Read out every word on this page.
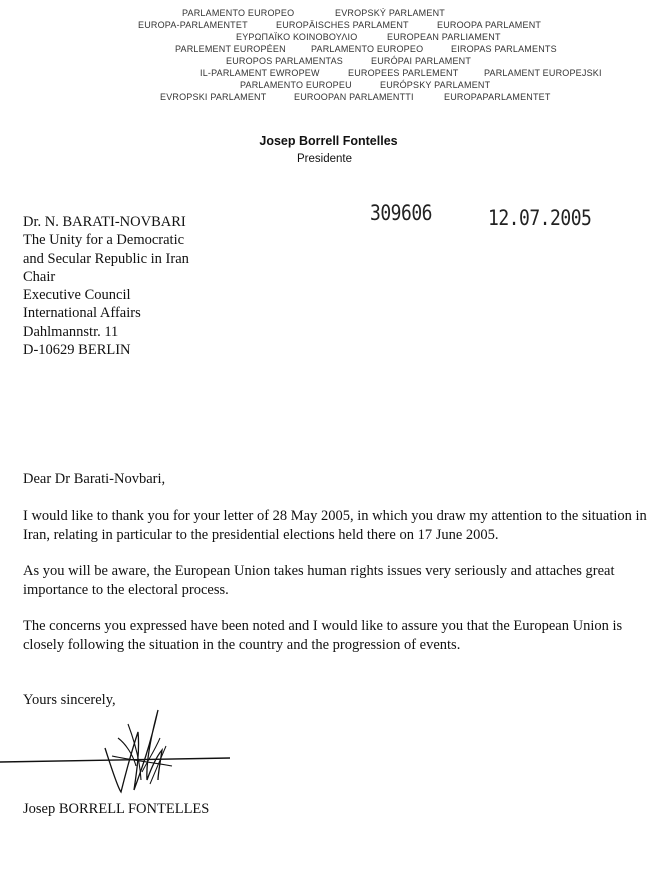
PARLAMENTO EUROPEO	EVROPSKÝ PARLAMENT
EUROPA-PARLAMENTET	EUROPÄISCHES PARLAMENT	EUROOPA PARLAMENT
ΕΥΡΩΠΑΪΚΟ ΚΟΙΝΟΒΟΥΛΙΟ	EUROPEAN PARLIAMENT
PARLEMENT EUROPÉEN	PARLAMENTO EUROPEO	EIROPAS PARLAMENTS
EUROPOS PARLAMENTAS	EURÓPAI PARLAMENT
IL-PARLAMENT EWROPEW	EUROPEES PARLEMENT	PARLAMENT EUROPEJSKI
PARLAMENTO EUROPEU	EURÓPSKY PARLAMENT
EVROPSKI PARLAMENT	EUROOPAN PARLAMENTTI	EUROPAPARLAMENTET
Josep Borrell Fontelles
Presidente
309606	12.07.2005
Dr. N. BARATI-NOVBARI
The Unity for a Democratic
and Secular Republic in Iran
Chair
Executive Council
International Affairs
Dahlmannstr. 11
D-10629 BERLIN
Dear Dr Barati-Novbari,
I would like to thank you for your letter of 28 May 2005, in which you draw my attention to the situation in Iran, relating in particular to the presidential elections held there on 17 June 2005.
As you will be aware, the European Union takes human rights issues very seriously and attaches great importance to the electoral process.
The concerns you expressed have been noted and I would like to assure you that the European Union is closely following the situation in the country and the progression of events.
Yours sincerely,
Josep BORRELL FONTELLES
